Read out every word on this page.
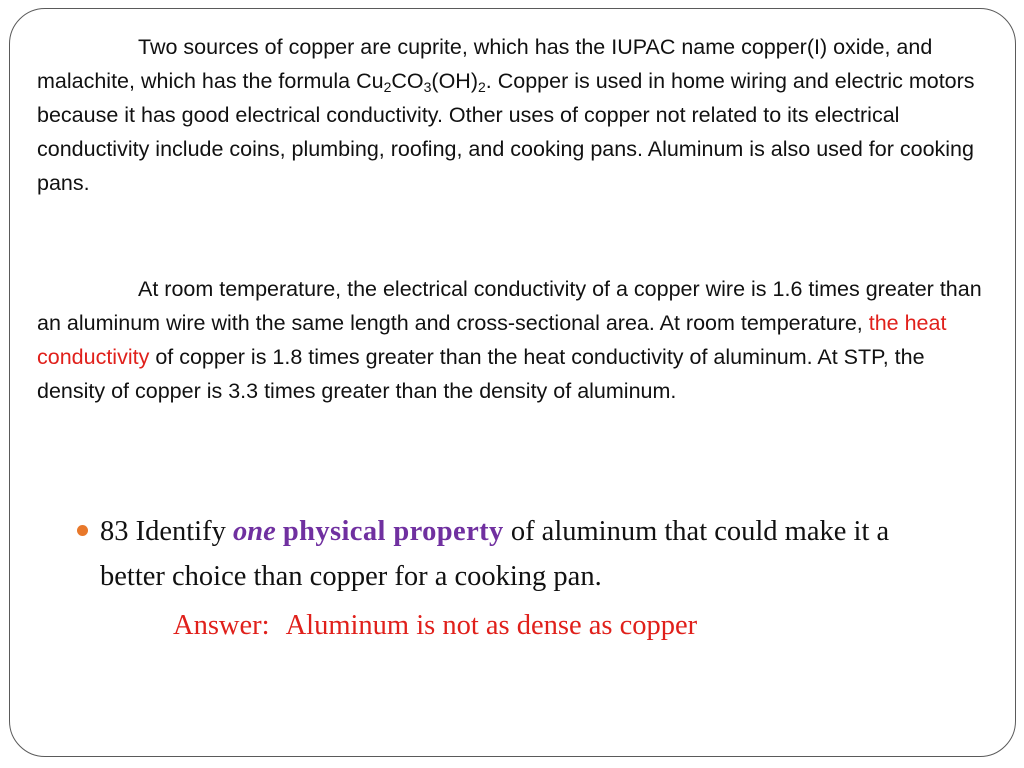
Two sources of copper are cuprite, which has the IUPAC name copper(I) oxide, and malachite, which has the formula $Cu_2CO_3(OH)_2$. Copper is used in home wiring and electric motors because it has good electrical conductivity. Other uses of copper not related to its electrical conductivity include coins, plumbing, roofing, and cooking pans. Aluminum is also used for cooking pans.

At room temperature, the electrical conductivity of a copper wire is 1.6 times greater than an aluminum wire with the same length and cross-sectional area. At room temperature, the heat conductivity of copper is 1.8 times greater than the heat conductivity of aluminum. At STP, the density of copper is 3.3 times greater than the density of aluminum.

83 Identify one physical property of aluminum that could make it a better choice than copper for a cooking pan.

Answer: Aluminum is not as dense as copper
